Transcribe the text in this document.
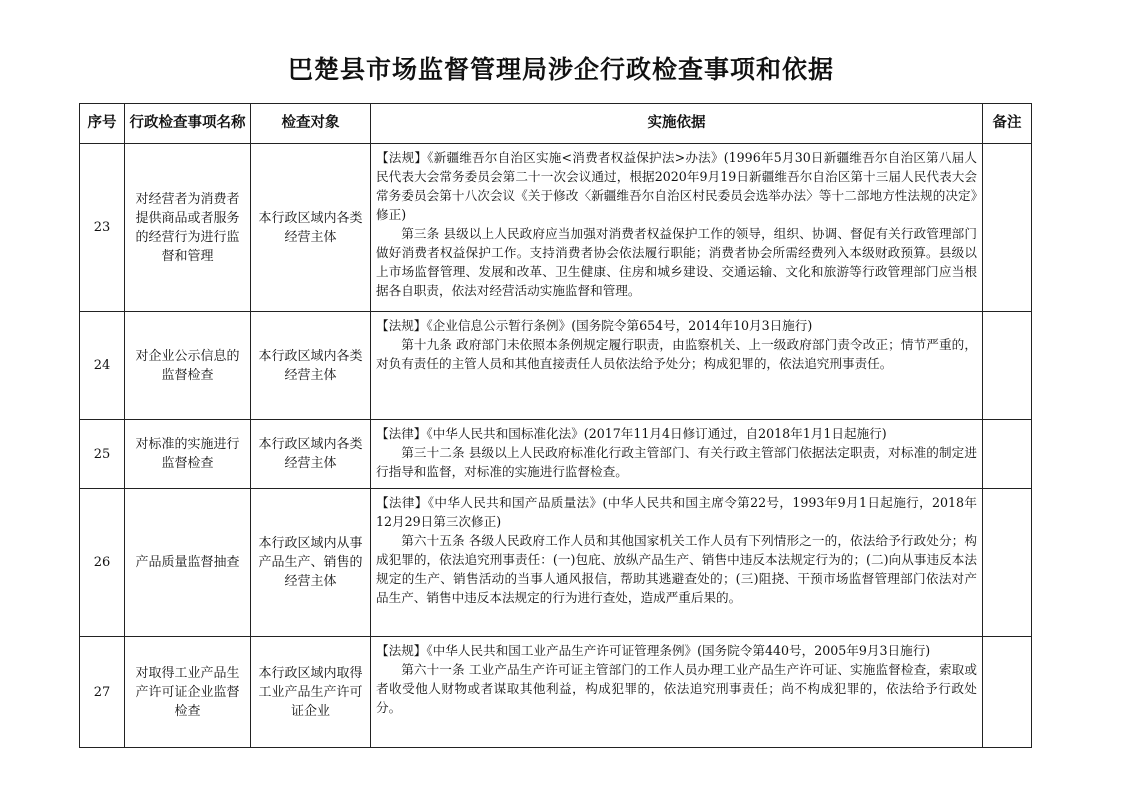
巴楚县市场监督管理局涉企行政检查事项和依据
序号	行政检查事项名称	检查对象	实施依据	备注
23	对经营者为消费者提供商品或者服务的经营行为进行监督和管理	本行政区域内各类经营主体	【法规】《新疆维吾尔自治区实施<消费者权益保护法>办法》(1996年5月30日新疆维吾尔自治区第八届人民代表大会常务委员会第二十一次会议通过，根据2020年9月19日新疆维吾尔自治区第十三届人民代表大会常务委员会第十八次会议《关于修改〈新疆维吾尔自治区村民委员会选举办法〉等十二部地方性法规的决定》修正)

第三条 县级以上人民政府应当加强对消费者权益保护工作的领导，组织、协调、督促有关行政管理部门做好消费者权益保护工作。支持消费者协会依法履行职能；消费者协会所需经费列入本级财政预算。县级以上市场监督管理、发展和改革、卫生健康、住房和城乡建设、交通运输、文化和旅游等行政管理部门应当根据各自职责，依法对经营活动实施监督和管理。	

24	对企业公示信息的监督检查	本行政区域内各类经营主体	【法规】《企业信息公示暂行条例》(国务院令第654号，2014年10月3日施行)

第十九条 政府部门未依照本条例规定履行职责，由监察机关、上一级政府部门责令改正；情节严重的，对负有责任的主管人员和其他直接责任人员依法给予处分；构成犯罪的，依法追究刑事责任。	

25	对标准的实施进行监督检查	本行政区域内各类经营主体	【法律】《中华人民共和国标准化法》(2017年11月4日修订通过，自2018年1月1日起施行)

第三十二条 县级以上人民政府标准化行政主管部门、有关行政主管部门依据法定职责，对标准的制定进行指导和监督，对标准的实施进行监督检查。	

26	产品质量监督抽查	本行政区域内从事产品生产、销售的经营主体	【法律】《中华人民共和国产品质量法》(中华人民共和国主席令第22号，1993年9月1日起施行，2018年12月29日第三次修正)

第六十五条 各级人民政府工作人员和其他国家机关工作人员有下列情形之一的，依法给予行政处分；构成犯罪的，依法追究刑事责任：(一)包庇、放纵产品生产、销售中违反本法规定行为的；(二)向从事违反本法规定的生产、销售活动的当事人通风报信，帮助其逃避查处的；(三)阻挠、干预市场监督管理部门依法对产品生产、销售中违反本法规定的行为进行查处，造成严重后果的。	

27	对取得工业产品生产许可证企业监督检查	本行政区域内取得工业产品生产许可证企业	【法规】《中华人民共和国工业产品生产许可证管理条例》(国务院令第440号，2005年9月3日施行)

第六十一条 工业产品生产许可证主管部门的工作人员办理工业产品生产许可证、实施监督检查，索取或者收受他人财物或者谋取其他利益，构成犯罪的，依法追究刑事责任；尚不构成犯罪的，依法给予行政处分。	
